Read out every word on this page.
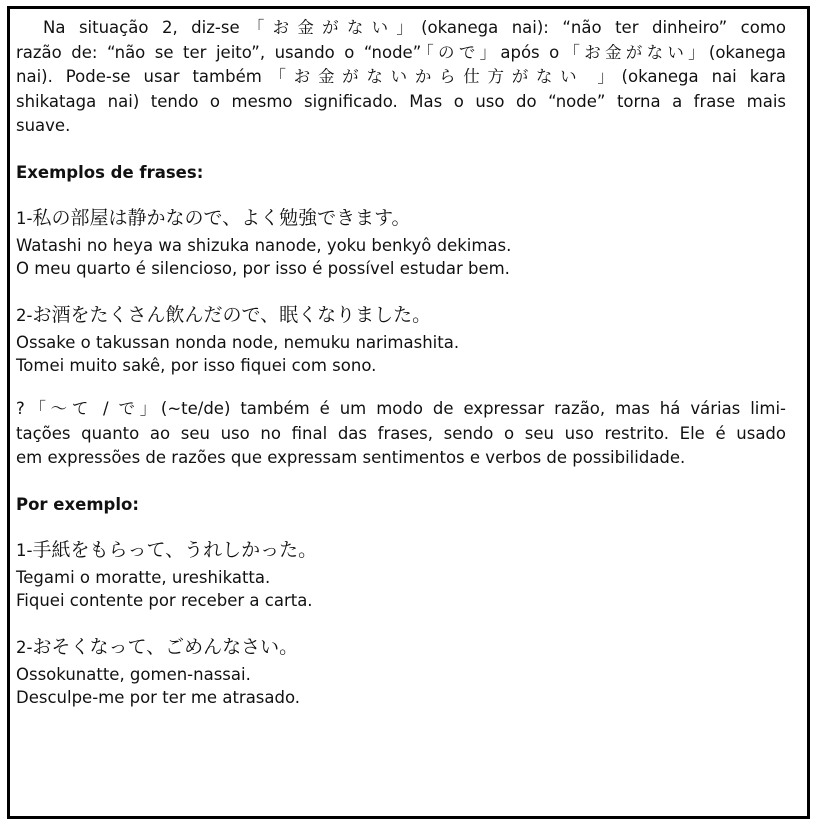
Na situação 2, diz-se「お金がない」(okanega nai): “não ter dinheiro” como
razão de: “não se ter jeito”, usando o “node”「ので」após o「お金がない」(okanega
nai). Pode-se usar também「お金がないから仕方がない 」(okanega nai kara
shikataga nai) tendo o mesmo significado. Mas o uso do “node” torna a frase mais
suave.

Exemplos de frases:

1-私の部屋は静かなので、よく勉強できます。
Watashi no heya wa shizuka nanode, yoku benkyô dekimas.
O meu quarto é silencioso, por isso é possível estudar bem.
2-お酒をたくさん飲んだので、眠くなりました。
Ossake o takussan nonda node, nemuku narimashita.
Tomei muito sakê, por isso fiquei com sono.

?「～て / で」(~te/de) também é um modo de expressar razão, mas há várias limi-
tações quanto ao seu uso no final das frases, sendo o seu uso restrito. Ele é usado
em expressões de razões que expressam sentimentos e verbos de possibilidade.

Por exemplo:

1-手紙をもらって、うれしかった。
Tegami o moratte, ureshikatta.
Fiquei contente por receber a carta.
2-おそくなって、ごめんなさい。
Ossokunatte, gomen-nassai.
Desculpe-me por ter me atrasado.
